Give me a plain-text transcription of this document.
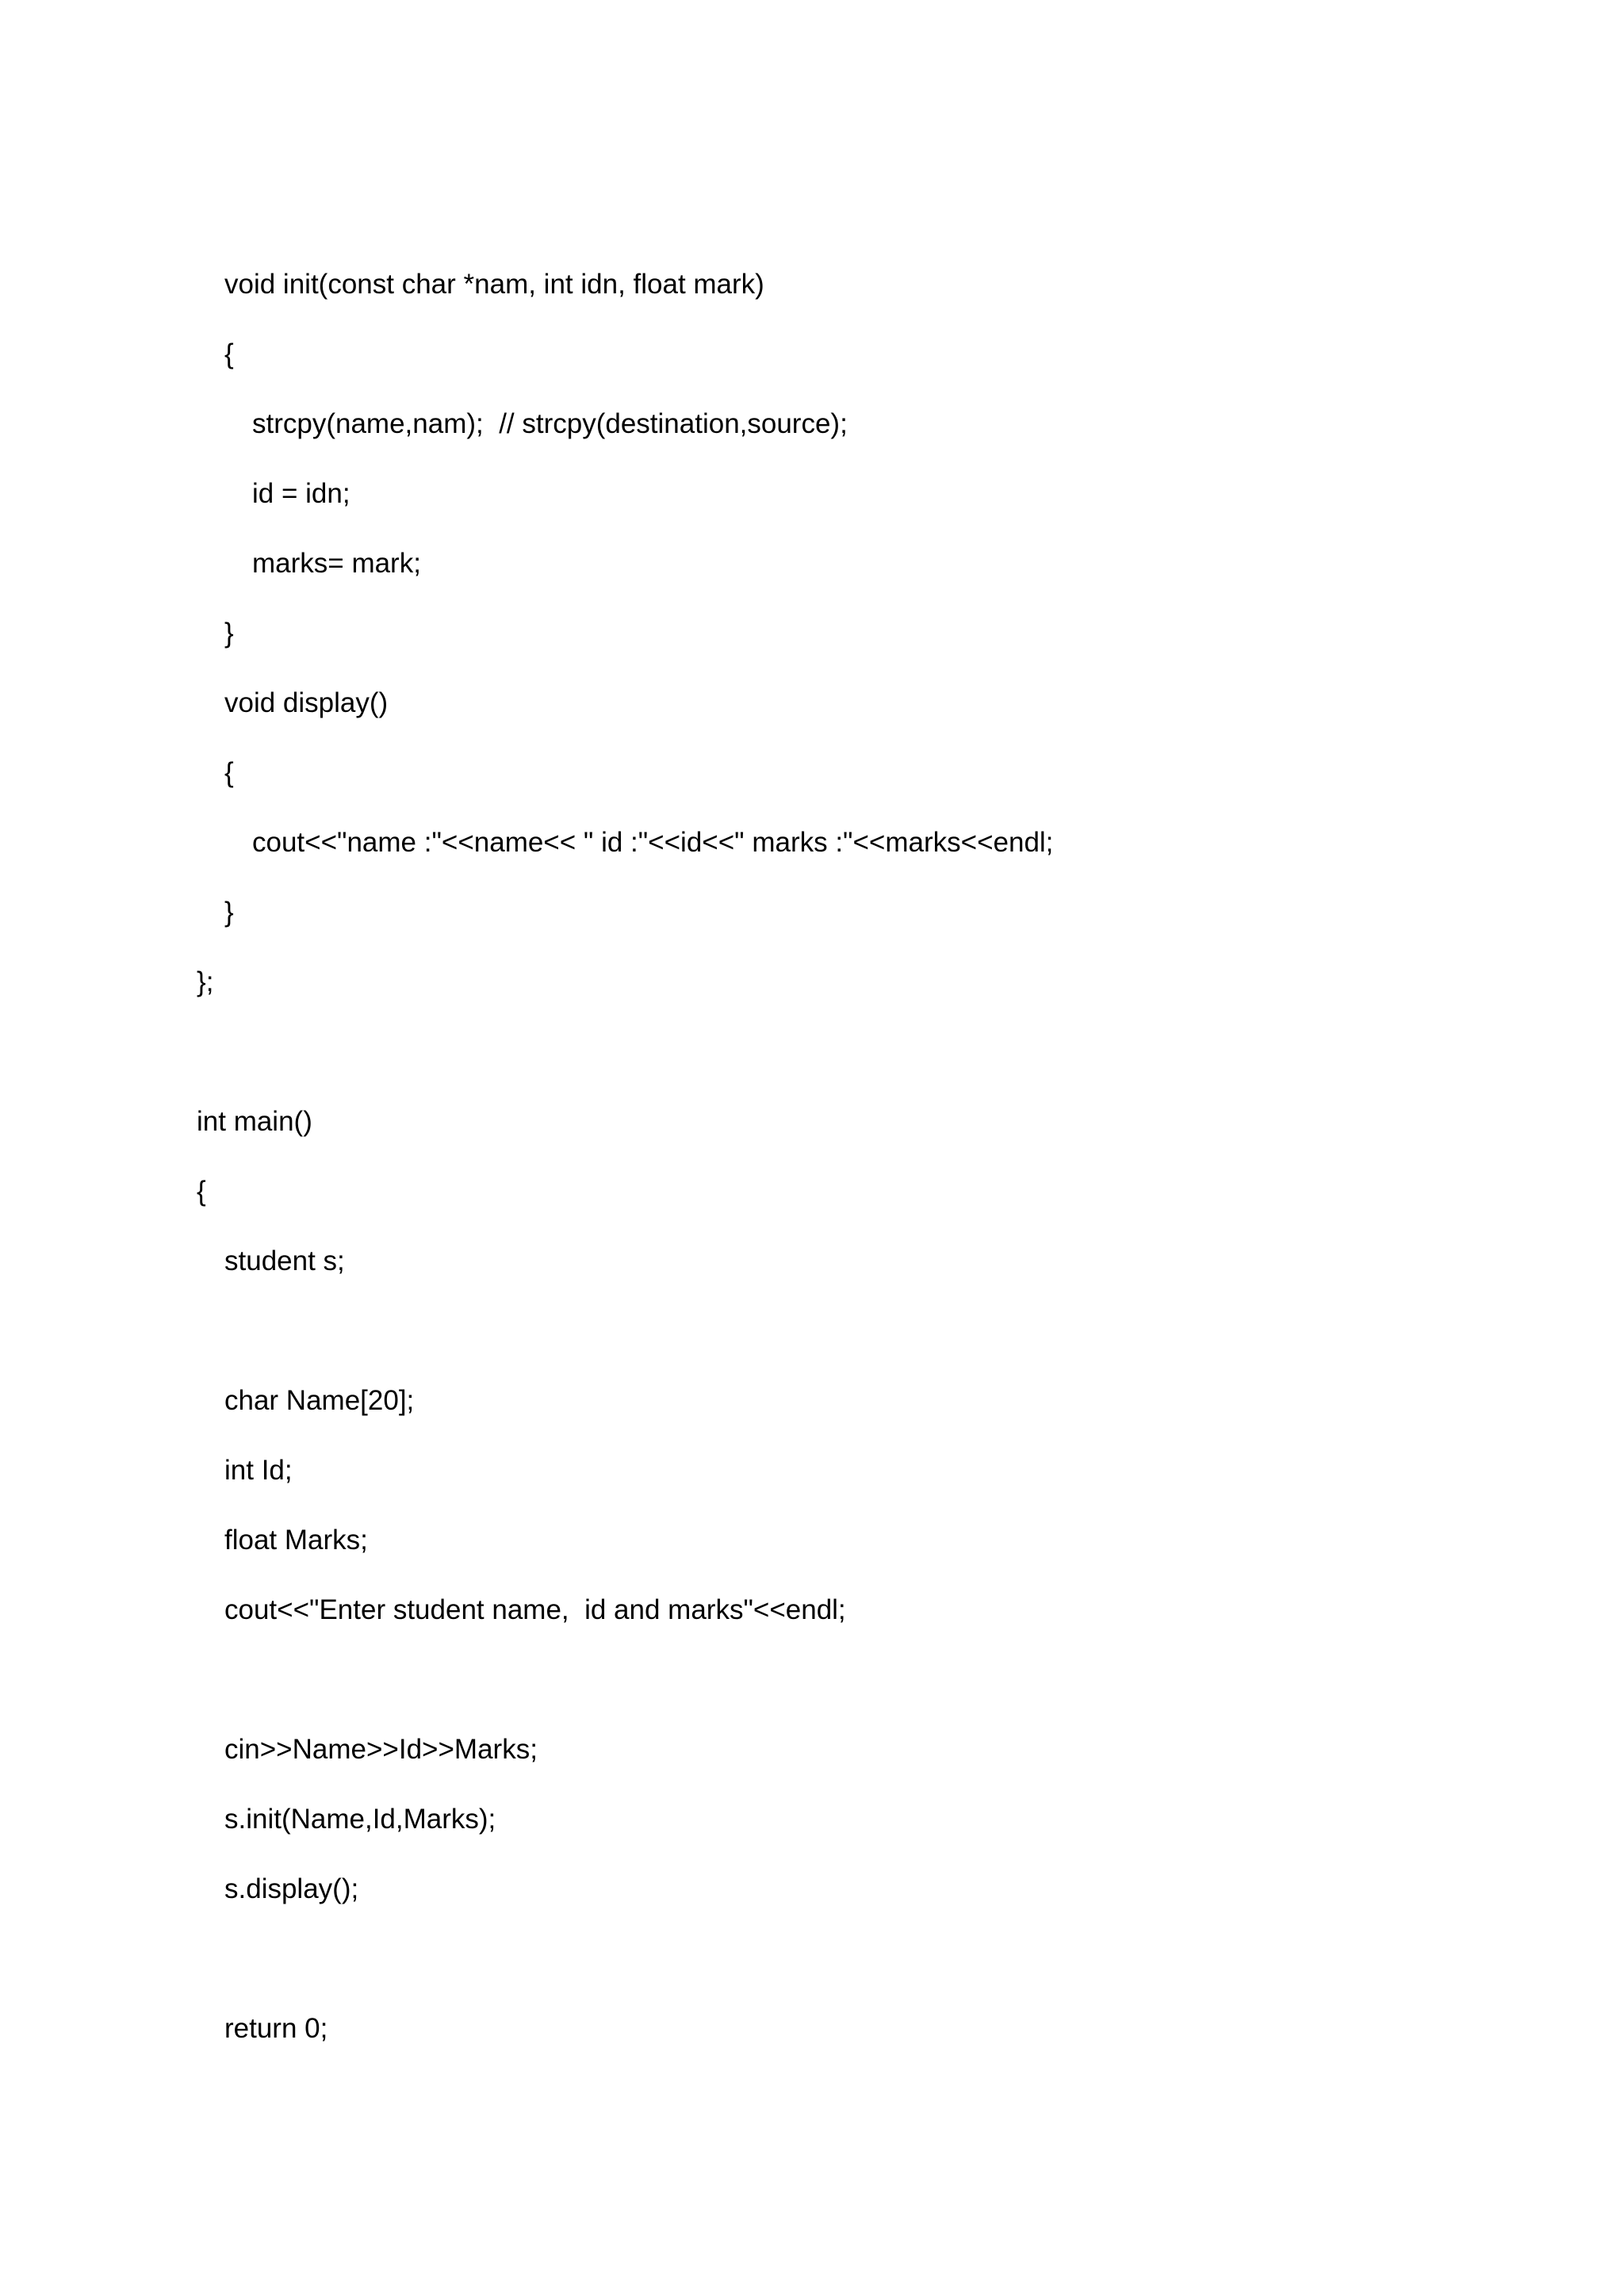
void init(const char *nam, int idn, float mark)
{
strcpy(name,nam);  // strcpy(destination,source);
id = idn;
marks= mark;
}
void display()
{
cout<<"name :"<<name<< " id :"<<id<<" marks :"<<marks<<endl;
}
};
int main()
{
student s;
char Name[20];
int Id;
float Marks;
cout<<"Enter student name,  id and marks"<<endl;
cin>>Name>>Id>>Marks;
s.init(Name,Id,Marks);
s.display();
return 0;
